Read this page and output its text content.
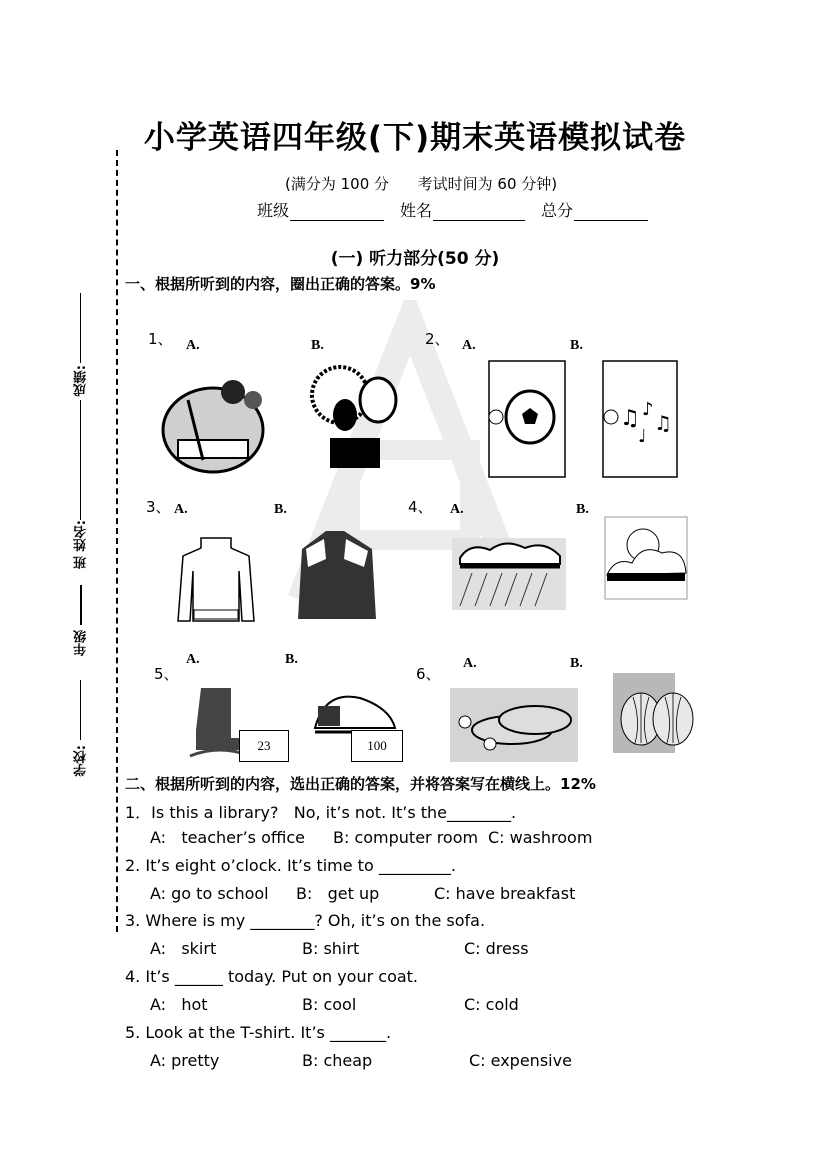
小学英语四年级(下)期末英语模拟试卷
(满分为 100 分      考试时间为 60 分钟)
班级	姓名	总分
成绩:
班 姓名:
年级
学校:
(一) 听力部分(50 分)
一、根据所听到的内容，圈出正确的答案。9%
1、 A.	B.
♫ ♪
♫
♩
2、 A.	B.
3、 A.	B.	4、 A.	B.
5、
A.	B.
23	100
6、
A.	B.
二、根据所听到的内容，选出正确的答案，并将答案写在横线上。12%
1．Is this a library?   No, it’s not. It’s the________.
A:   teacher’s office B: computer room C: washroom
2. It’s eight o’clock. It’s time to _________.
A: go to school B:   get up	C: have breakfast
3. Where is my ________? Oh, it’s on the sofa.
A:   skirt	B: shirt	C: dress
4. It’s ______ today. Put on your coat.
A:   hot	B: cool	C: cold
5. Look at the T-shirt. It’s _______.
A: pretty	B: cheap	C: expensive
